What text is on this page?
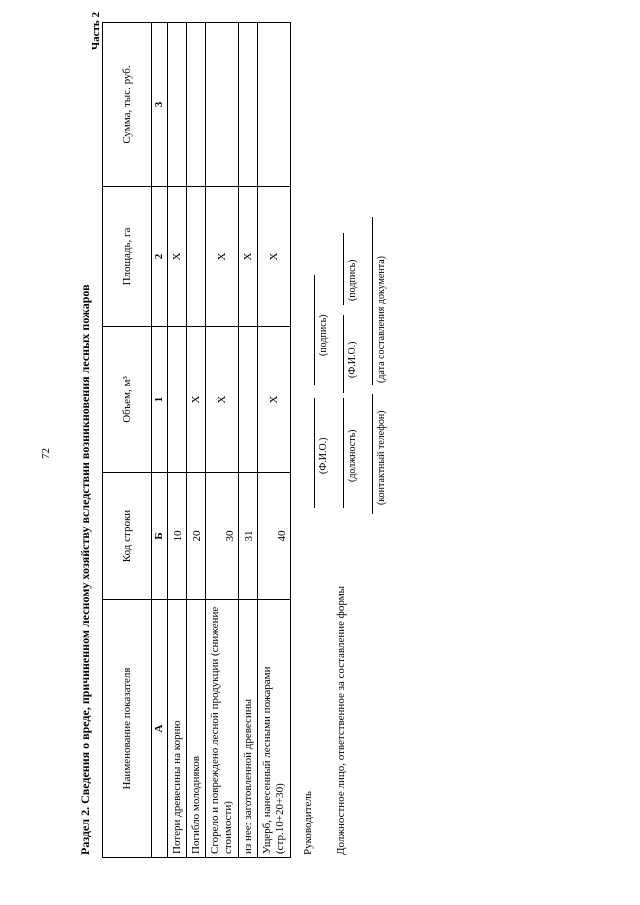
72
Часть 2
Раздел 2. Сведения о вреде, причиненном лесному хозяйству вследствии возникновения лесных пожаров	Наименование показателя	Код строки	Объем, м³	Площадь, га	Сумма, тыс. руб.
А	Б	1	2	3
Потери древесины на корню	10		X	
Погибло молодняков	20	X		
Сгорело и повреждено лесной продукции (снижение стоимости)	30	X	X	
из нее: заготовленной древесины	31		X	
Ущерб, нанесенный лесными пожарами (стр.10+20+30)	40	X	X	
Руководитель
(Ф.И.О.)
(подпись)
Должностное лицо, ответственное за составление формы
(должность)
(Ф.И.О.)
(подпись)
(контактный телефон)
(дата составления документа)
